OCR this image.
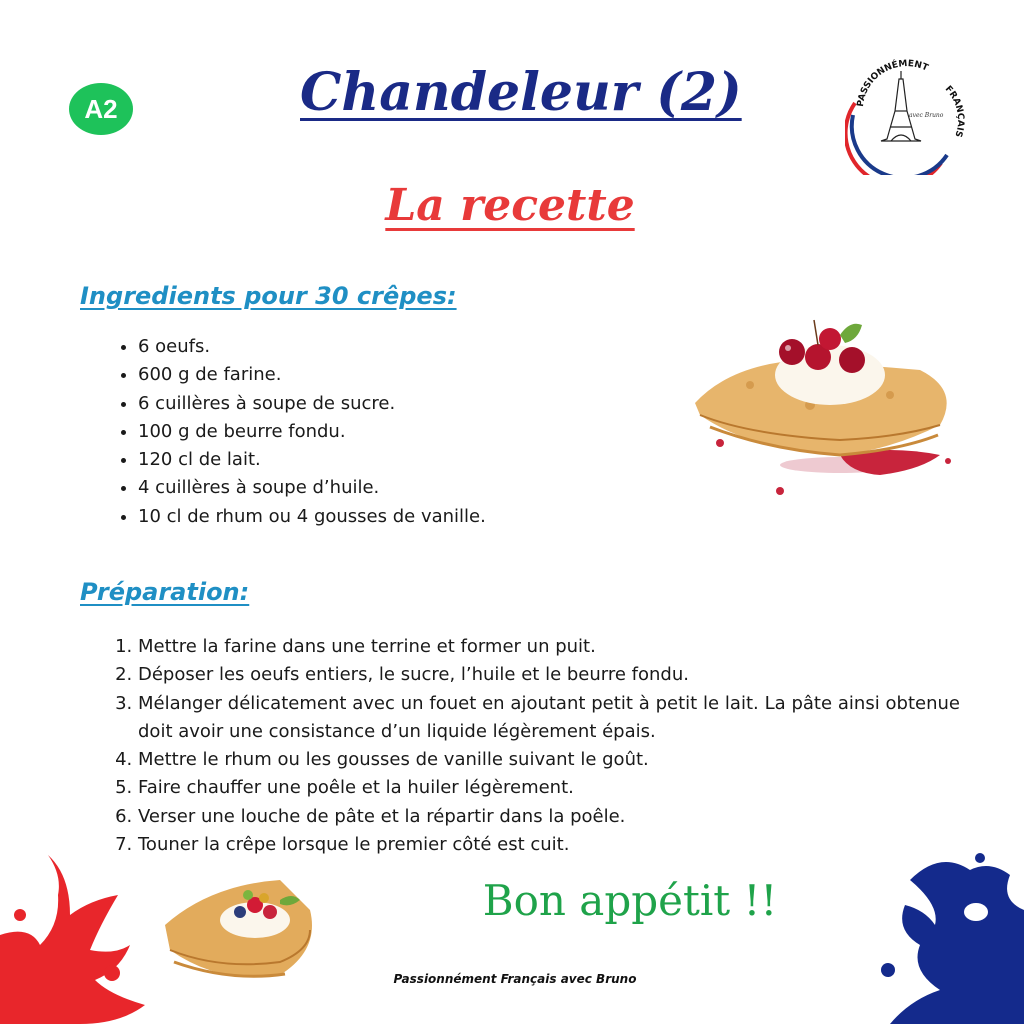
A2	Chandeleur (2)	PASSIONNÉMENT
FRANÇAIS
avec Bruno
La recette
Ingredients pour 30 crêpes:
• 6 oeufs.
• 600 g de farine.
• 6 cuillères à soupe de sucre.
• 100 g de beurre fondu.
• 120 cl de lait.
• 4 cuillères à soupe d’huile.
• 10 cl de rhum ou 4 gousses de vanille.
Préparation:
1. Mettre la farine dans une terrine et former un puit.
2. Déposer les oeufs entiers, le sucre, l’huile et le beurre fondu.
3. Mélanger délicatement avec un fouet en ajoutant petit à petit le lait. La pâte ainsi obtenue doit avoir une consistance d’un liquide légèrement épais.
4. Mettre le rhum ou les gousses de vanille suivant le goût.
5. Faire chauffer une poêle et la huiler légèrement.
6. Verser une louche de pâte et la répartir dans la poêle.
7. Touner la crêpe lorsque le premier côté est cuit.
Bon appétit !!
Passionnément Français avec Bruno
